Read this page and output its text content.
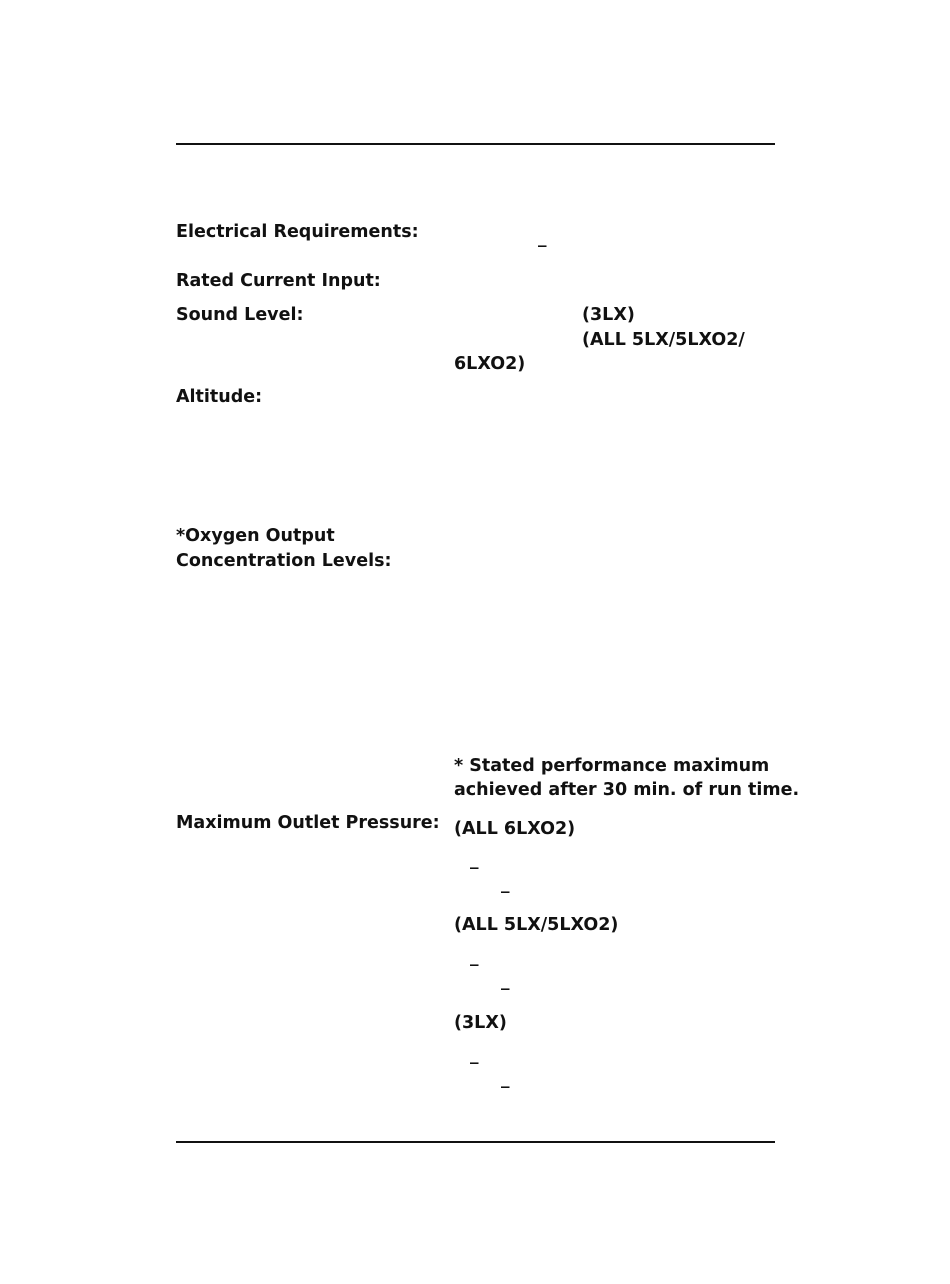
Electrical Requirements:	_
Rated Current Input:
Sound Level:	(3LX)
(ALL 5LX/5LXO2/
6LXO2)
Altitude:
*Oxygen Output
Concentration Levels:
* Stated performance maximum
achieved after 30 min. of run time.
Maximum Outlet Pressure: (ALL 6LXO2)
_
_
(ALL 5LX/5LXO2)
_
_
(3LX)
_
_
